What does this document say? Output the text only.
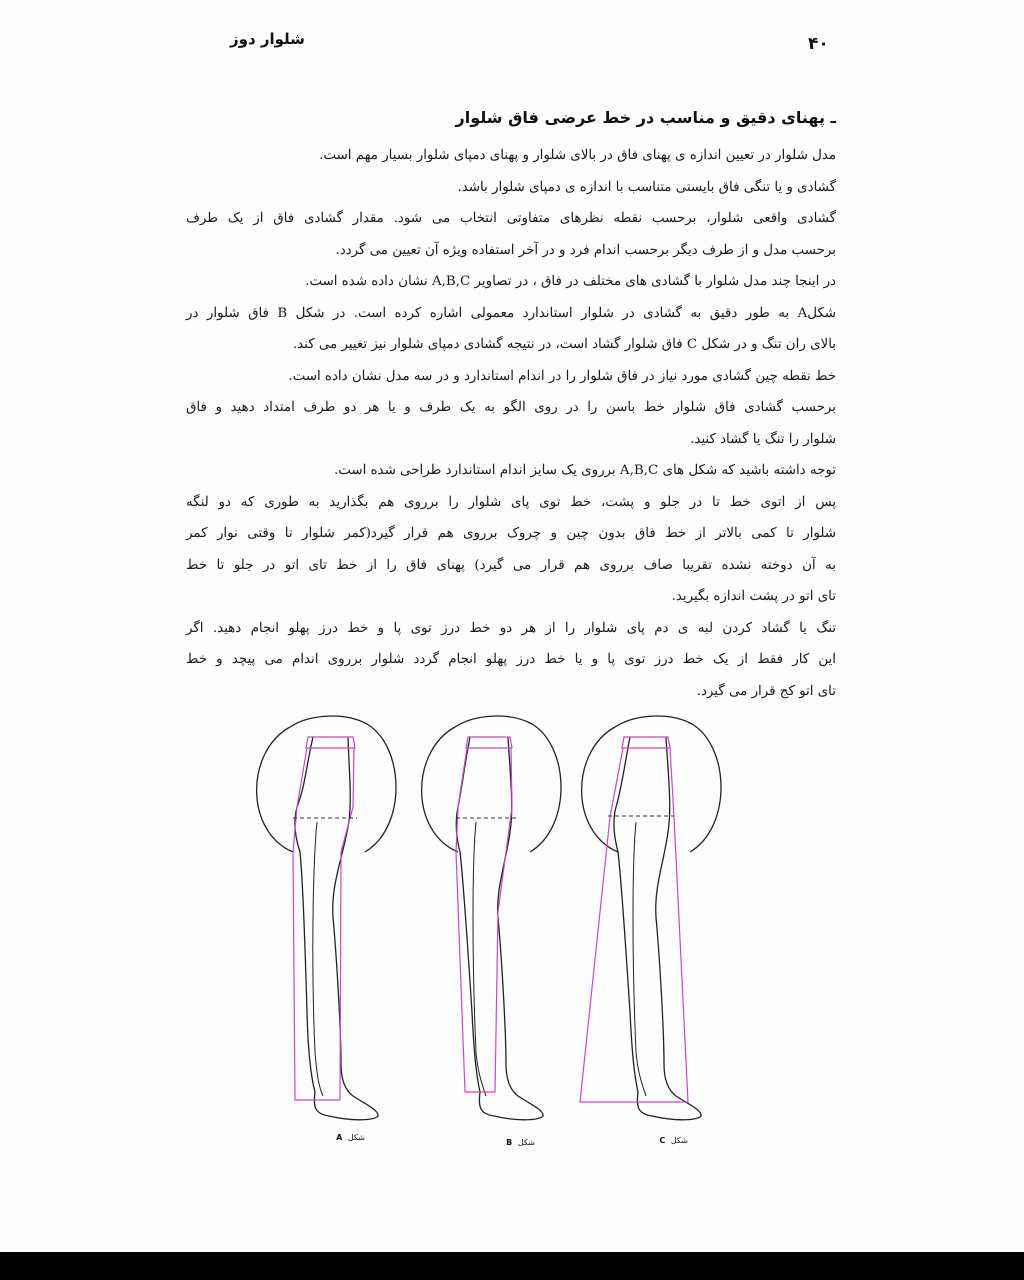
شلوار دوز	۴۰
ـ پهنای دقیق و مناسب در خط عرضی فاق شلوار

مدل شلوار در تعیین اندازه ی پهنای فاق در بالای شلوار و پهنای دمپای شلوار بسیار مهم است.

گشادی و یا تنگی فاق بایستی متناسب با اندازه ی دمپای شلوار باشد.

گشادی واقعی شلوار، برحسب نقطه نظرهای متفاوتی انتخاب می شود. مقدار گشادی فاق از یک طرف

برحسب مدل و از طرف دیگر برحسب اندام فرد و در آخر استفاده ویژه آن تعیین می گردد.

در اینجا چند مدل شلوار با گشادی های مختلف در فاق ، در تصاویر A,B,C نشان داده شده است.

شکلA به طور دقیق به گشادی در شلوار استاندارد معمولی اشاره کرده است. در شکل B فاق شلوار در

بالای ران تنگ و در شکل C فاق شلوار گشاد است، در نتیجه گشادی دمپای شلوار نیز تغییر می کند.

خط نقطه چین گشادی مورد نیاز در فاق شلوار را در اندام استاندارد و در سه مدل نشان داده است.

برحسب گشادی فاق شلوار خط باسن را در روی الگو به یک طرف و یا هر دو طرف امتداد دهید و فاق

شلوار را تنگ یا گشاد کنید.

توجه داشته باشید که شکل های A,B,C برروی یک سایز اندام استاندارد طراحی شده است.

پس از اتوی خط تا در جلو و پشت، خط توی پای شلوار را برروی هم بگذارید به طوری که دو لنگه

شلوار تا کمی بالاتر از خط فاق بدون چین و چروک برروی هم قرار گیرد(کمر شلوار تا وقتی نوار کمر

به آن دوخته نشده تقریبا صاف برروی هم قرار می گیرد) پهنای فاق را از خط تای اتو در جلو تا خط

تای اتو در پشت اندازه بگیرید.

تنگ یا گشاد کردن لبه ی دم پای شلوار را از هر دو خط درز توی پا و خط درز پهلو انجام دهید. اگر

این کار فقط از یک خط درز توی پا و یا خط درز پهلو انجام گردد شلوار برروی اندام می پیچد و خط

تای اتو کج قرار می گیرد.

A شکل
B شکل	C شکل
